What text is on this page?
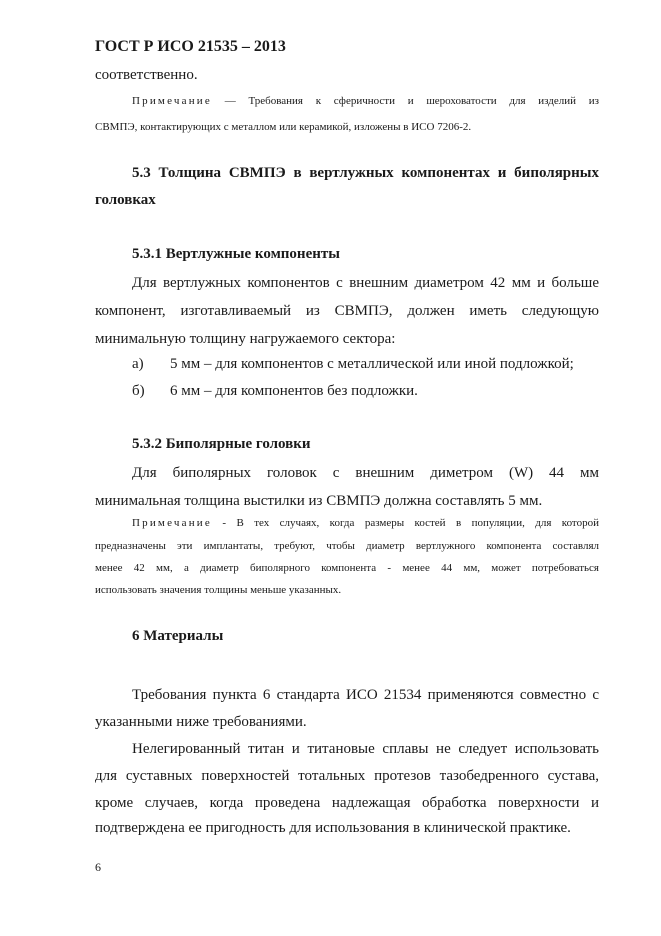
ГОСТ Р ИСО 21535 – 2013
соответственно.
Примечание — Требования к сферичности и шероховатости для изделий из
СВМПЭ, контактирующих с металлом или керамикой, изложены в ИСО 7206-2.
5.3 Толщина СВМПЭ в вертлужных компонентах и биполярных
головках
5.3.1 Вертлужные компоненты
Для вертлужных компонентов с внешним диаметром 42 мм и больше
компонент, изготавливаемый из СВМПЭ, должен иметь следующую
минимальную толщину нагружаемого сектора:
а) 5 мм – для компонентов с металлической или иной подложкой;
б) 6 мм – для компонентов без подложки.
5.3.2 Биполярные головки
Для биполярных головок с внешним диметром (W) 44 мм
минимальная толщина выстилки из СВМПЭ должна составлять 5 мм.
Примечание - В тех случаях, когда размеры костей в популяции, для которой
предназначены эти имплантаты, требуют, чтобы диаметр вертлужного компонента составлял
менее 42 мм, а диаметр биполярного компонента - менее 44 мм, может потребоваться
использовать значения толщины меньше указанных.
6 Материалы
Требования пункта 6 стандарта ИСО 21534 применяются совместно с
указанными ниже требованиями.
Нелегированный титан и титановые сплавы не следует использовать
для суставных поверхностей тотальных протезов тазобедренного сустава,
кроме случаев, когда проведена надлежащая обработка поверхности и
подтверждена ее пригодность для использования в клинической практике.
6
